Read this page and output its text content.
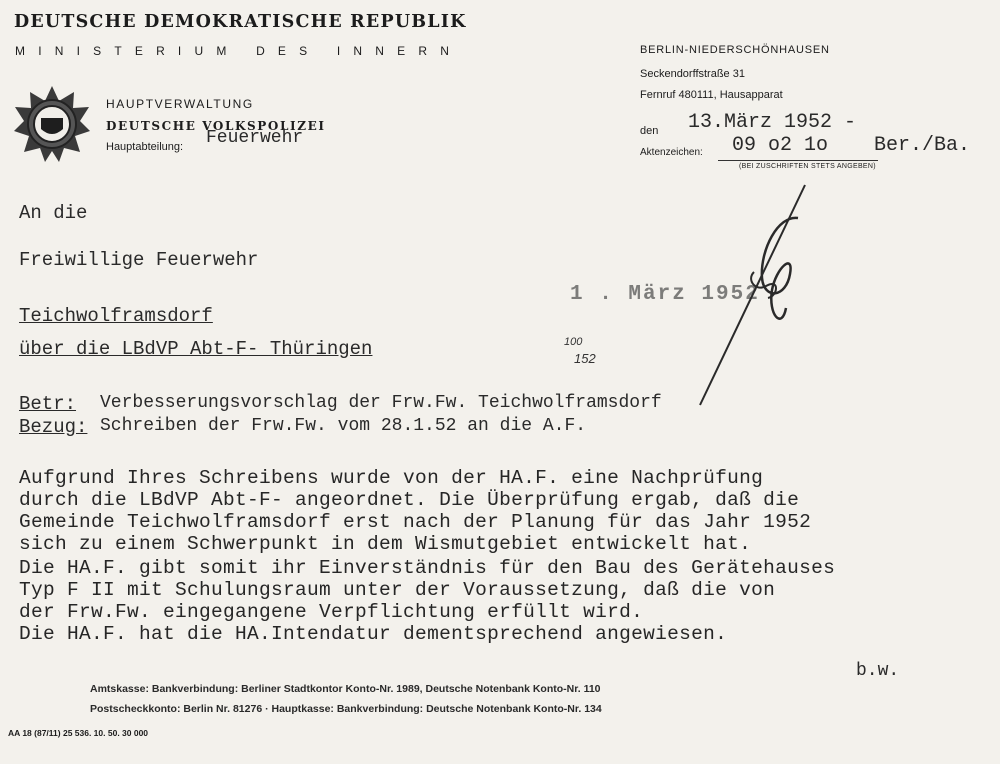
DEUTSCHE DEMOKRATISCHE REPUBLIK
MINISTERIUM DES INNERN
HAUPTVERWALTUNG
DEUTSCHE VOLKSPOLIZEI
Hauptabteilung: Feuerwehr
BERLIN-NIEDERSCHÖNHAUSEN
Seckendorffstraße 31
Fernruf 480111, Hausapparat
den 13.März 1952 -
Aktenzeichen: 09 o2 1o Ber./Ba.
(BEI ZUSCHRIFTEN STETS ANGEBEN)
An die
Freiwillige Feuerwehr
Teichwolframsdorf
über die LBdVP Abt-F- Thüringen
1 . März 1952
100
152
Betr: Verbesserungsvorschlag der Frw.Fw. Teichwolframsdorf
Bezug: Schreiben der Frw.Fw. vom 28.1.52 an die A.F.
Aufgrund Ihres Schreibens wurde von der HA.F. eine Nachprüfung
durch die LBdVP Abt-F- angeordnet. Die Überprüfung ergab, daß die
Gemeinde Teichwolframsdorf erst nach der Planung für das Jahr 1952
sich zu einem Schwerpunkt in dem Wismutgebiet entwickelt hat.
Die HA.F. gibt somit ihr Einverständnis für den Bau des Gerätehauses
Typ F II mit Schulungsraum unter der Voraussetzung, daß die von
der Frw.Fw. eingegangene Verpflichtung erfüllt wird.
Die HA.F. hat die HA.Intendatur dementsprechend angewiesen.
b.w.
Amtskasse: Bankverbindung: Berliner Stadtkontor Konto-Nr. 1989, Deutsche Notenbank Konto-Nr. 110
Postscheckkonto: Berlin Nr. 81276 · Hauptkasse: Bankverbindung: Deutsche Notenbank Konto-Nr. 134
AA 18 (87/11) 25 536. 10. 50. 30 000
